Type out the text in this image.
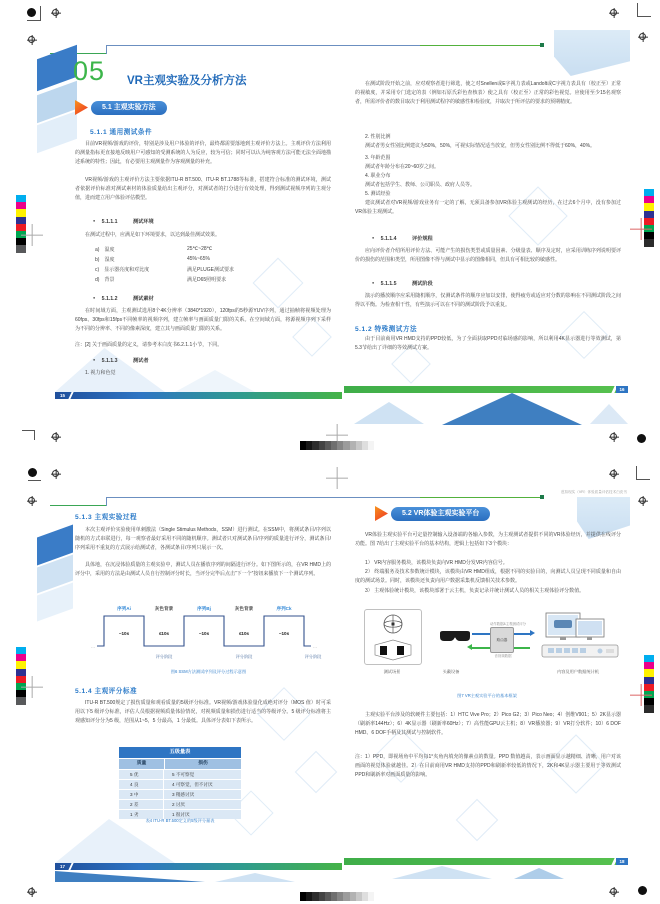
虚拟现实（VR）体验质量评估技术白皮书
05 VR主观实验及分析方法
5.1 主观实验方法
5.1.1 通用测试条件
目前VR视频/游戏的评价，特别是涉及用户体验的评价，最终都需要落地到主观评价方法上。主观评价方法利用的测量指标更直接地反映用户可感知的受测系统的人为反应，较为可信；同时可以认为纯客观方法可能无法全面地描述系统的特性；因此，有必要用主观测量作为客观测量的补充。
VR视频/游戏的主观评价方法主要依据ITU-R BT.500、ITU-R BT.1788等标准，搭建符合标准的测试环境，测试者依据评价标准对测试素材的体验质量给出主观评分，对测试者的打分进行有效处理，得到测试视频序列的主观分值，进而建立用户体验评估模型。
● 5.1.1.1	测试环境
在测试过程中，应满足如下环境要求，以达到最佳测试效果。
a)　温度	25℃~28℃
b)　湿度	45%~65%
c)　显示器亮度和对比度	满足PLUGE测试要求
d)　背景	满足D65照明要求
● 5.1.1.2	测试素材
在时间域方面，主观测试选用8个4K分辨率（3840*1920），120fps的5秒源YUV序列，通过抽帧将视频处理为60fps、30fps和15fps不同帧率的视频序列，建立帧率与画面质量门限的关系。在空间域方面，将源视频序列下采样为不同的分辨率、不同的像素深度，建立其与画面质量门限的关系。
注：[2] 关于画面质量的定义，请参考本白皮书6.2.1.1小节，下同。
● 5.1.1.3	测试者
1. 视力和色觉
15
在测试阶段开始之前，应对观察者进行筛选，使之对Snellen或E字视力表或Landolt或C字视力表具有（校正至）正常的视敏度，并采用专门选定的表（例如石原氏彩色查核表）使之具有（校正至）正常的彩色视觉。应使用至少15名观察者，所需评价者的数目取决于利用测试程序的敏感性和检验度，并取决于所评估的要求的预期精度。
2. 性别比例
测试者男女性别比例建议为50%，50%，可视实际情况适当放宽，但男女性别比例不得低于60%，40%。
3. 年龄范围
测试者年龄分布在20~60岁之间。
4. 职业分布
测试者包括学生、教师、公司职员、政府人员等。
5. 测试经验
建议测试者对VR视频/游戏业务有一定的了解，无须具备参加VR体验主观测试的经历，在过去6个月中，没有参加过VR体验主观测试。
● 5.1.1.4	评价规程
应向评价者介绍所用评价方法、可能产生的损伤类型或质量因素、分级量表、顺序及定时，应采用训练序列说明要评价的损伤的范围和类型，所用图像不得与测试中显示的图像相同，但具有可相比较的敏感性。
● 5.1.1.5	测试阶段
演示的播放顺序应采用随机顺序，仅测试条件的顺序应加以安排，使得疲劳或适应对分数的影响在不同测试阶段之间得以平衡。为检查相干性，有些演示可以在不同的测试阶段予以重复。
5.1.2 特殊测试方法
由于目前商用VR HMD支持的PPD较低，为了全面获取PPD对临场感的影响，所以利用4K显示器进行等效测试，第5.3节给出了详细的等效测试方案。
16
5.1.3 主观实验过程
本次主观评价实验使用单刺激法（Single Stimulus Methods，SSM）进行测试。在SSM中，将测试条目/序列以随机的方式串联进行，每一观察者最好采用不同的随机顺序。测试者只对测试条目/序列的质量进行评分，测试条目/序列采用不重复的方式展示给测试者，各测试条目/序列只展示一次。
具体地，在沉浸体验质量的主观实验中，测试人员在播放序列的间隔进行评分。如下图所示的，在VR HMD上的评分中，采用的方法是由测试人员自行控制评分时长，当评分完毕后点击“下一个”按钮来播放下一个测试序列。
⋯	⋯
序列Ai	灰色背景	序列Bj	灰色背景	序列Ck
~10s	≤10s	~10s	≤10s	~10s
评分阶段	评分阶段	评分阶段
图6 SSM方法测试序列及评分过程示意图
5.1.4 主观评分标准
ITU-R BT.500规定了损伤质量和观看质量的5级评分标准。VR视频/游戏体验量化成绝对评分（MOS 值）时可采用以下5 级评分标准，评估人员根据视频质量体验情况，对视频质量和损伤进行适当的等级评分。5 级评分标准将主观感知评分分为5 级，范围从1~5，5 分最高，1 分最低。具体评分表如下表所示。
五级量表
质量	损伤
5 优	5 不可察觉
4 良	4 可察觉，但不讨厌
3 中	3 稍感讨厌
2 差	2 讨厌
1 劣	1 很讨厌
表4 ITU-R BT.500定义的5级评分量表
17
5.2 VR体验主观实验平台
VR体验主观实验平台可定量控制输入设备端的各输入参数，为主观测试者提供不同的VR体验经历，并提供在线评分功能。图 7给出了主观实验平台的基本结构，逻辑上包括如下3个模块：
1） VR内容服务模块，该模块负责向VR HMD分发VR内容信号。
2） 终端服务及技术参数统计模块，该模块由VR HMD组成，根据不同的实验目的，向测试人员呈现不同质量和自由度的测试场景。同时，该模块还负责向用户数据采集机反馈相关技术参数。
3） 主观体验统计模块，该模块部署于云主机，负责记录并统计测试人员的相关主观体验评分数值。
测试场景	头戴设备
动作数据&主观测试评分
路由器
音视频数据
内容及用户数据统计机
图7 VR主观实验平台的基本框架
主观实验平台涉及的软硬件主要包括：1）HTC Vive Pro；2）Pico G2；3）Pico Neo；4）创维V901；5）2K显示器（刷新率144Hz）；6）4K显示器（刷新率60Hz）；7）高性能GPU云主机；8）VR播放器；9）VR打分软件；10）6 DOF HMD、6 DOF手柄及其测试与控制软件。
注：1）PPD，即视场角中平均每1°夹角内填充的像素点的数量。PPD 数值越高，表示画面显示越精细、清晰，用户对该画面的视觉体验就越佳。2）在目前商用VR HMD支持的PPD和刷新率较低的情况下，2K和4K显示器主要用于等效测试PPD和刷新率对画面质量的影响。
18
